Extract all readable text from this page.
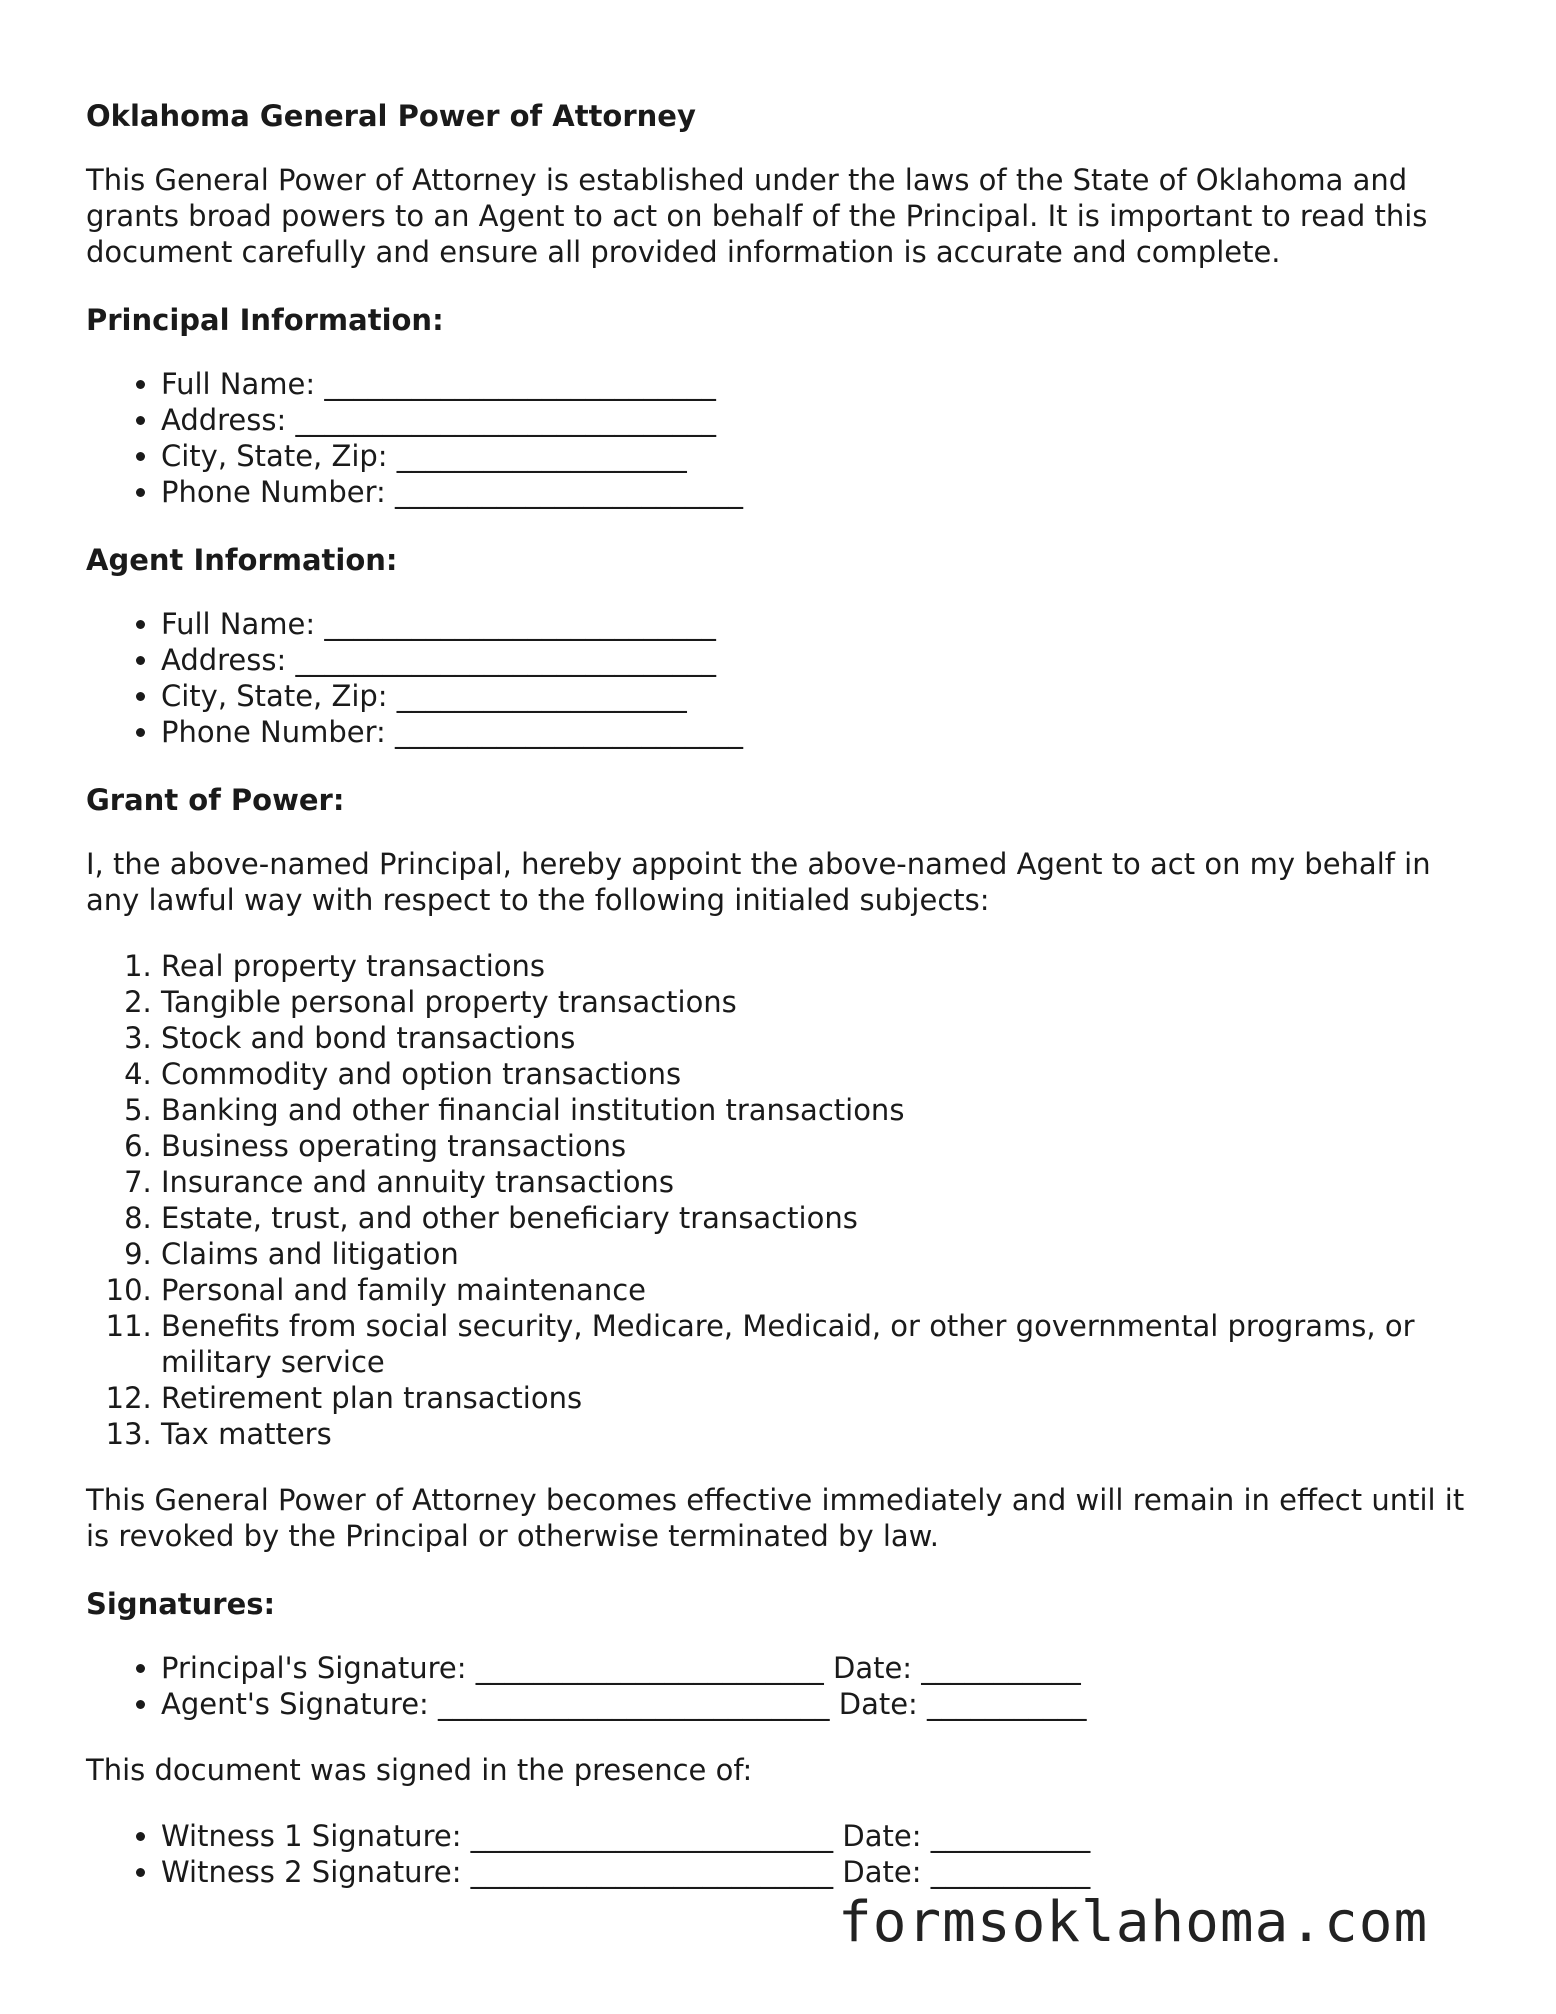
Oklahoma General Power of Attorney

This General Power of Attorney is established under the laws of the State of Oklahoma and grants broad powers to an Agent to act on behalf of the Principal. It is important to read this document carefully and ensure all provided information is accurate and complete.

Principal Information:
• Full Name: ___________________________
• Address: _____________________________
• City, State, Zip: ____________________
• Phone Number: ________________________
Agent Information:
• Full Name: ___________________________
• Address: _____________________________
• City, State, Zip: ____________________
• Phone Number: ________________________
Grant of Power:

I, the above-named Principal, hereby appoint the above-named Agent to act on my behalf in any lawful way with respect to the following initialed subjects:

1. Real property transactions
2. Tangible personal property transactions
3. Stock and bond transactions
4. Commodity and option transactions
5. Banking and other financial institution transactions
6. Business operating transactions
7. Insurance and annuity transactions
8. Estate, trust, and other beneficiary transactions
9. Claims and litigation
10. Personal and family maintenance
11. Benefits from social security, Medicare, Medicaid, or other governmental programs, or military service
12. Retirement plan transactions
13. Tax matters

This General Power of Attorney becomes effective immediately and will remain in effect until it is revoked by the Principal or otherwise terminated by law.

Signatures:
• Principal's Signature: ________________________ Date: ___________
• Agent's Signature: ___________________________ Date: ___________

This document was signed in the presence of:

• Witness 1 Signature: _________________________ Date: ___________
• Witness 2 Signature: _________________________ Date: ___________
formsoklahoma.com
